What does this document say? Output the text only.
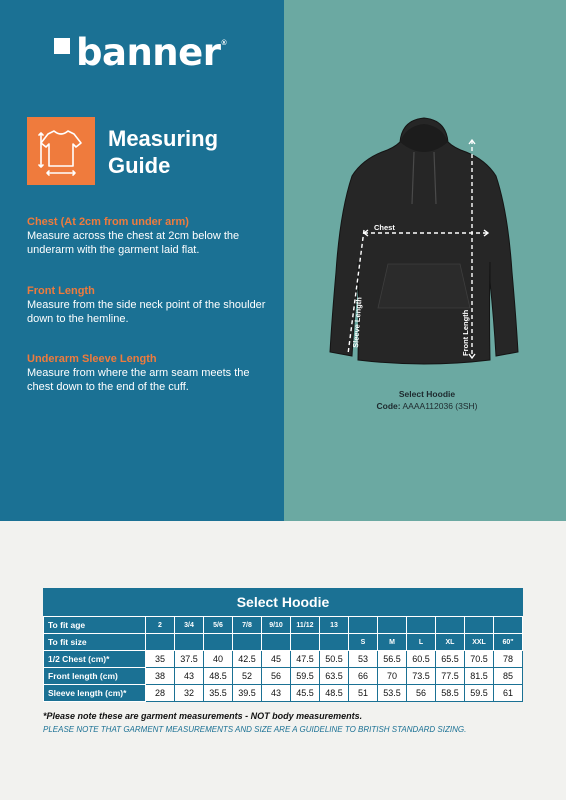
banner ®
Measuring
Guide
Chest (At 2cm from under arm)

Measure across the chest at 2cm below the underarm with the garment laid flat.

Front Length

Measure from the side neck point of the shoulder down to the hemline.

Underarm Sleeve Length

Measure from where the arm seam meets the chest down to the end of the cuff.

Chest
Front Length
Sleeve Length
Select Hoodie
Code: AAAA112036 (3SH)
Select Hoodie
To fit age	2	3/4	5/6	7/8	9/10	11/12	13						
To fit size								S	M	L	XL	XXL	60"
1/2 Chest (cm)*	35	37.5	40	42.5	45	47.5	50.5	53	56.5	60.5	65.5	70.5	78
Front length (cm)	38	43	48.5	52	56	59.5	63.5	66	70	73.5	77.5	81.5	85
Sleeve length (cm)*	28	32	35.5	39.5	43	45.5	48.5	51	53.5	56	58.5	59.5	61
*Please note these are garment measurements - NOT body measurements.
PLEASE NOTE THAT GARMENT MEASUREMENTS AND SIZE ARE A GUIDELINE TO BRITISH STANDARD SIZING.
